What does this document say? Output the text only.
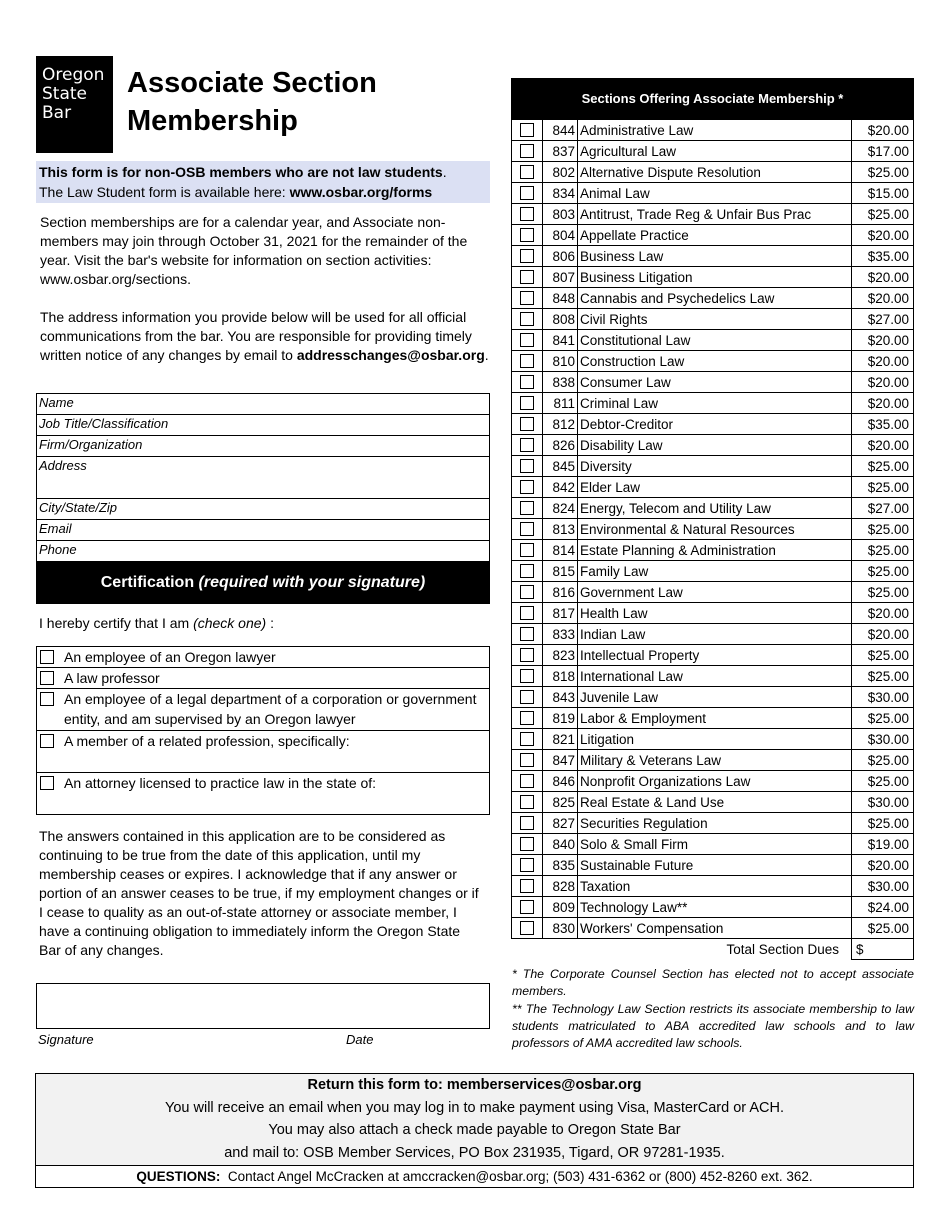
Oregon
State
Bar
Associate Section
Membership
This form is for non-OSB members who are not law students.
The Law Student form is available here: www.osbar.org/forms

Section memberships are for a calendar year, and Associate non-members may join through October 31, 2021 for the remainder of the year. Visit the bar's website for information on section activities: www.osbar.org/sections.

The address information you provide below will be used for all official communications from the bar. You are responsible for providing timely written notice of any changes by email to addresschanges@osbar.org.

Name
Job Title/Classification
Firm/Organization
Address
City/State/Zip
Email
Phone
Certification (required with your signature)
I hereby certify that I am (check one) :
An employee of an Oregon lawyer
A law professor
An employee of a legal department of a corporation or government entity, and am supervised by an Oregon lawyer
A member of a related profession, specifically:
An attorney licensed to practice law in the state of:
The answers contained in this application are to be considered as continuing to be true from the date of this application, until my membership ceases or expires. I acknowledge that if any answer or portion of an answer ceases to be true, if my employment changes or if I cease to quality as an out-of-state attorney or associate member, I have a continuing obligation to immediately inform the Oregon State Bar of any changes.
Signature	Date
Sections Offering Associate Membership *
	844	Administrative Law	$20.00

	837	Agricultural Law	$17.00

	802	Alternative Dispute Resolution	$25.00

	834	Animal Law	$15.00

	803	Antitrust, Trade Reg & Unfair Bus Prac	$25.00

	804	Appellate Practice	$20.00

	806	Business Law	$35.00

	807	Business Litigation	$20.00

	848	Cannabis and Psychedelics Law	$20.00

	808	Civil Rights	$27.00

	841	Constitutional Law	$20.00

	810	Construction Law	$20.00

	838	Consumer Law	$20.00

	811	Criminal Law	$20.00

	812	Debtor-Creditor	$35.00

	826	Disability Law	$20.00

	845	Diversity	$25.00

	842	Elder Law	$25.00

	824	Energy, Telecom and Utility Law	$27.00

	813	Environmental & Natural Resources	$25.00

	814	Estate Planning & Administration	$25.00

	815	Family Law	$25.00

	816	Government Law	$25.00

	817	Health Law	$20.00

	833	Indian Law	$20.00

	823	Intellectual Property	$25.00

	818	International Law	$25.00

	843	Juvenile Law	$30.00

	819	Labor & Employment	$25.00

	821	Litigation	$30.00

	847	Military & Veterans Law	$25.00

	846	Nonprofit Organizations Law	$25.00

	825	Real Estate & Land Use	$30.00

	827	Securities Regulation	$25.00

	840	Solo & Small Firm	$19.00

	835	Sustainable Future	$20.00

	828	Taxation	$30.00

	809	Technology Law**	$24.00

	830	Workers' Compensation	$25.00
Total Section Dues			$
* The Corporate Counsel Section has elected not to accept associate members.
** The Technology Law Section restricts its associate membership to law students matriculated to ABA accredited law schools and to law professors of AMA accredited law schools.
Return this form to: memberservices@osbar.org
You will receive an email when you may log in to make payment using Visa, MasterCard or ACH.
You may also attach a check made payable to Oregon State Bar
and mail to: OSB Member Services, PO Box 231935, Tigard, OR 97281-1935.
QUESTIONS:  Contact Angel McCracken at amccracken@osbar.org; (503) 431-6362 or (800) 452-8260 ext. 362.
